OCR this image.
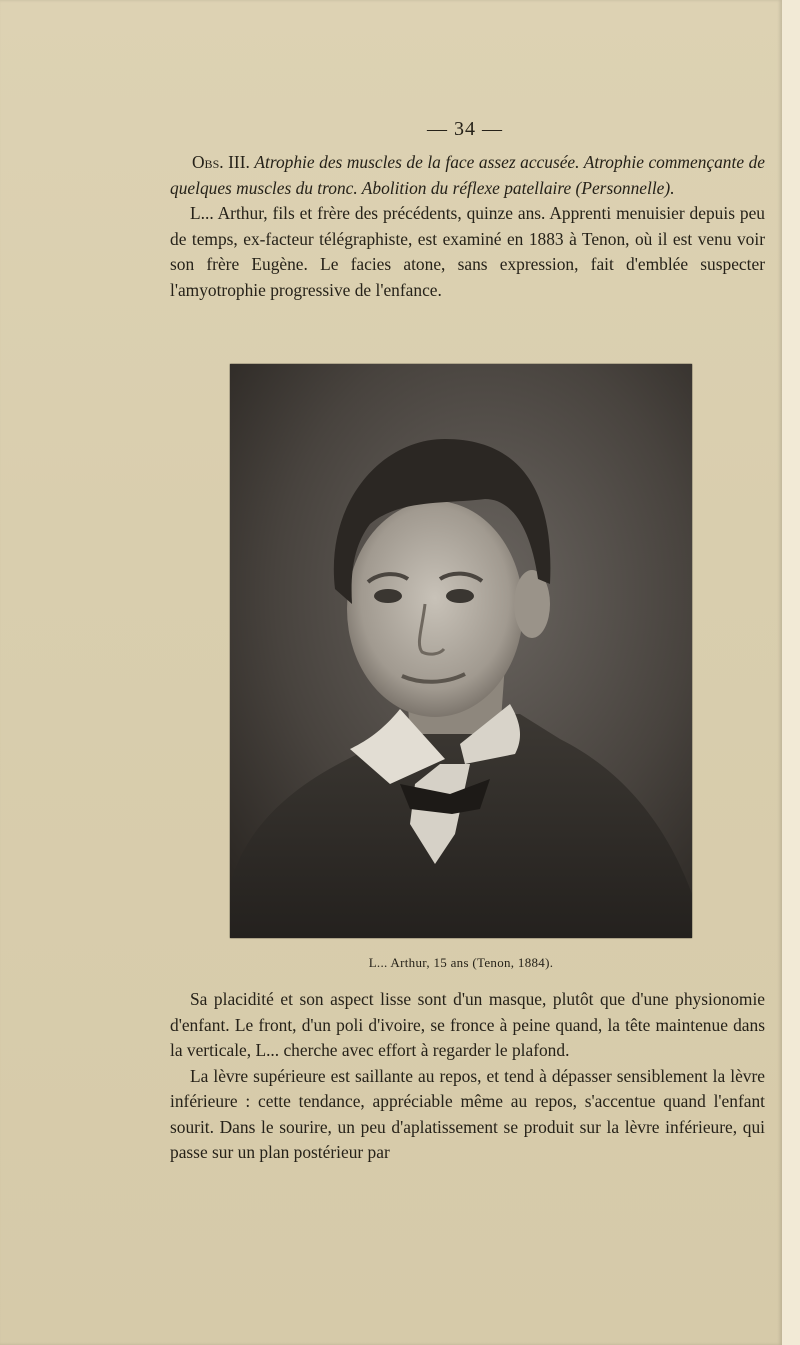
— 34 —

Obs. III. Atrophie des muscles de la face assez accusée. Atrophie commençante de quelques muscles du tronc. Abolition du réflexe patellaire (Personnelle).

L... Arthur, fils et frère des précédents, quinze ans. Apprenti menuisier depuis peu de temps, ex-facteur télégraphiste, est examiné en 1883 à Tenon, où il est venu voir son frère Eugène. Le facies atone, sans expression, fait d'emblée suspecter l'amyotrophie progressive de l'enfance.

L... Arthur, 15 ans (Tenon, 1884).

Sa placidité et son aspect lisse sont d'un masque, plutôt que d'une physionomie d'enfant. Le front, d'un poli d'ivoire, se fronce à peine quand, la tête maintenue dans la verticale, L... cherche avec effort à regarder le plafond.

La lèvre supérieure est saillante au repos, et tend à dépasser sensiblement la lèvre inférieure : cette tendance, appréciable même au repos, s'accentue quand l'enfant sourit. Dans le sourire, un peu d'aplatissement se produit sur la lèvre inférieure, qui passe sur un plan postérieur par
